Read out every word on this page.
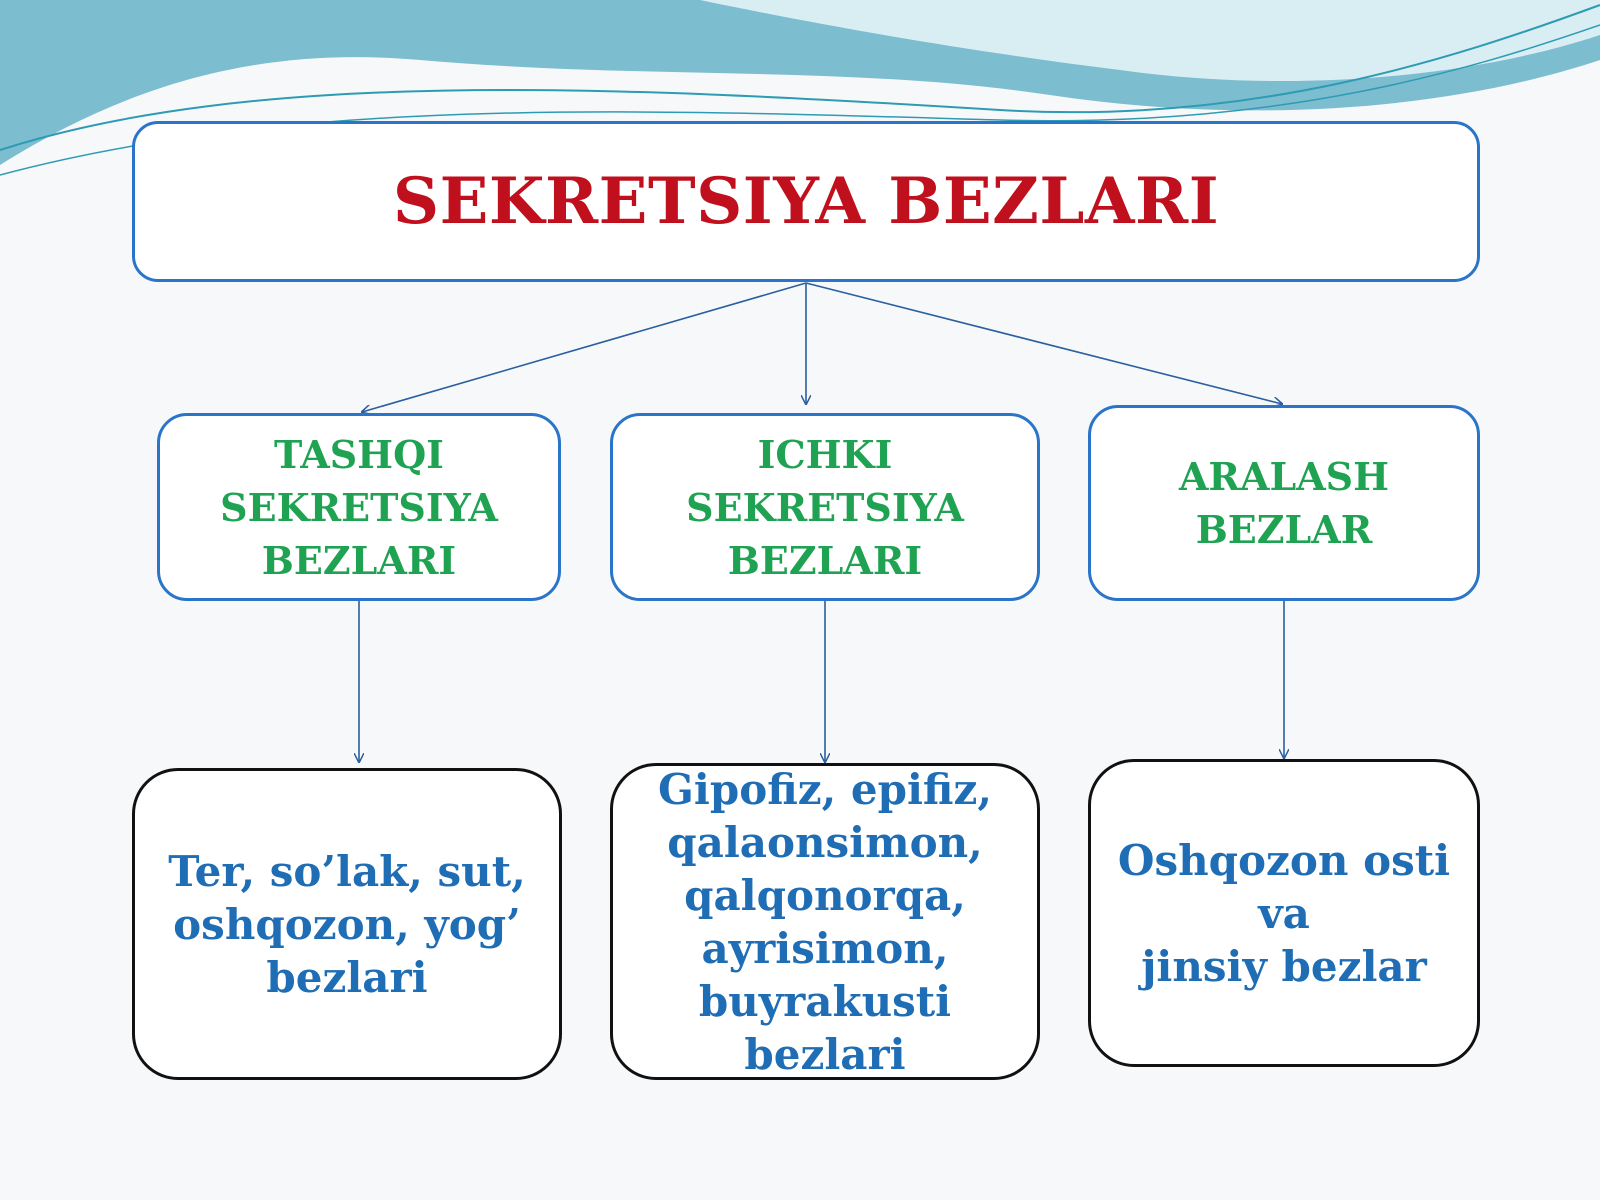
SEKRETSIYA BEZLARI
TASHQI
SEKRETSIYA
BEZLARI
ICHKI
SEKRETSIYA
BEZLARI
ARALASH
BEZLAR
Ter, so’lak, sut,
oshqozon, yog’
bezlari
Gipofiz, epifiz,
qalaonsimon,
qalqonorqa,
ayrisimon,
buyrakusti
bezlari
Oshqozon osti
va
jinsiy bezlar
